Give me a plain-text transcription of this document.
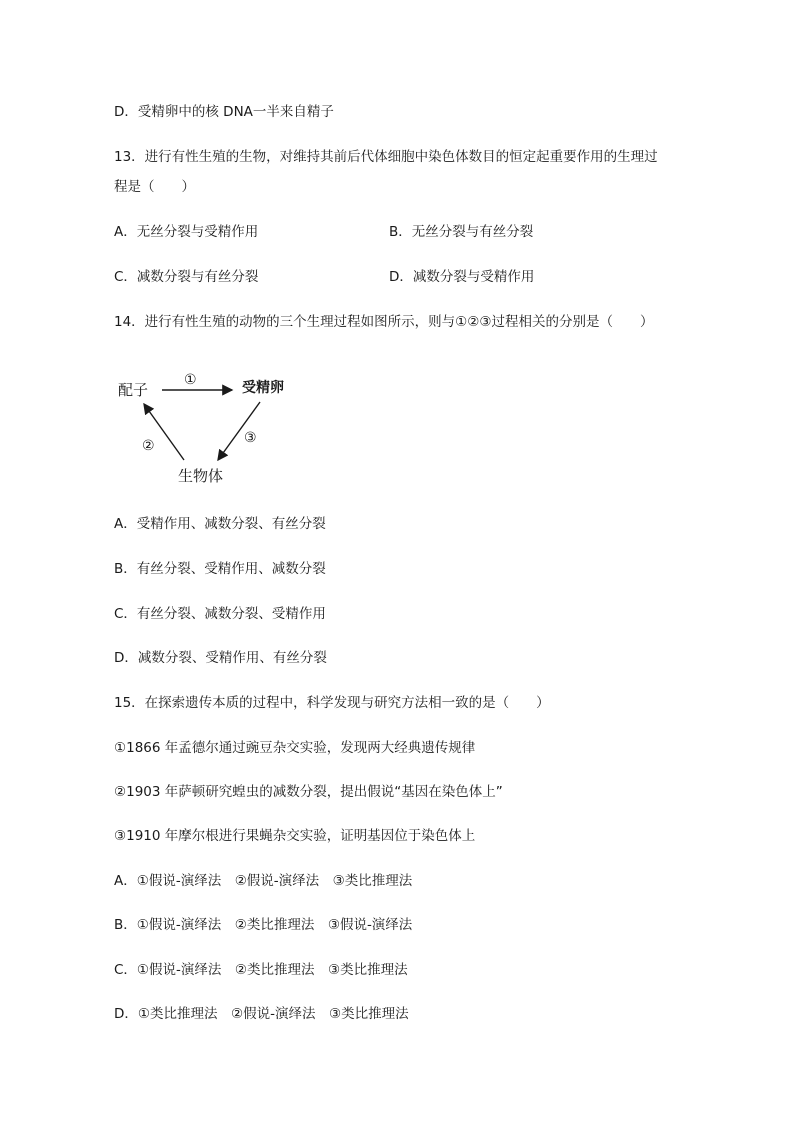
D．受精卵中的核 DNA一半来自精子
13．进行有性生殖的生物，对维持其前后代体细胞中染色体数目的恒定起重要作用的生理过
程是（　　）
A．无丝分裂与受精作用	B．无丝分裂与有丝分裂
C．减数分裂与有丝分裂	D．减数分裂与受精作用
14．进行有性生殖的动物的三个生理过程如图所示，则与①②③过程相关的分别是（　　）
配子	受精卵
生物体
①
②	③
A．受精作用、减数分裂、有丝分裂
B．有丝分裂、受精作用、减数分裂
C．有丝分裂、减数分裂、受精作用
D．减数分裂、受精作用、有丝分裂
15．在探索遗传本质的过程中，科学发现与研究方法相一致的是（　　）
①1866 年孟德尔通过豌豆杂交实验，发现两大经典遗传规律
②1903 年萨顿研究蝗虫的减数分裂，提出假说“基因在染色体上”
③1910 年摩尔根进行果蝇杂交实验，证明基因位于染色体上
A．①假说-演绎法　②假说-演绎法　③类比推理法
B．①假说-演绎法　②类比推理法　③假说-演绎法
C．①假说-演绎法　②类比推理法　③类比推理法
D．①类比推理法　②假说-演绎法　③类比推理法
